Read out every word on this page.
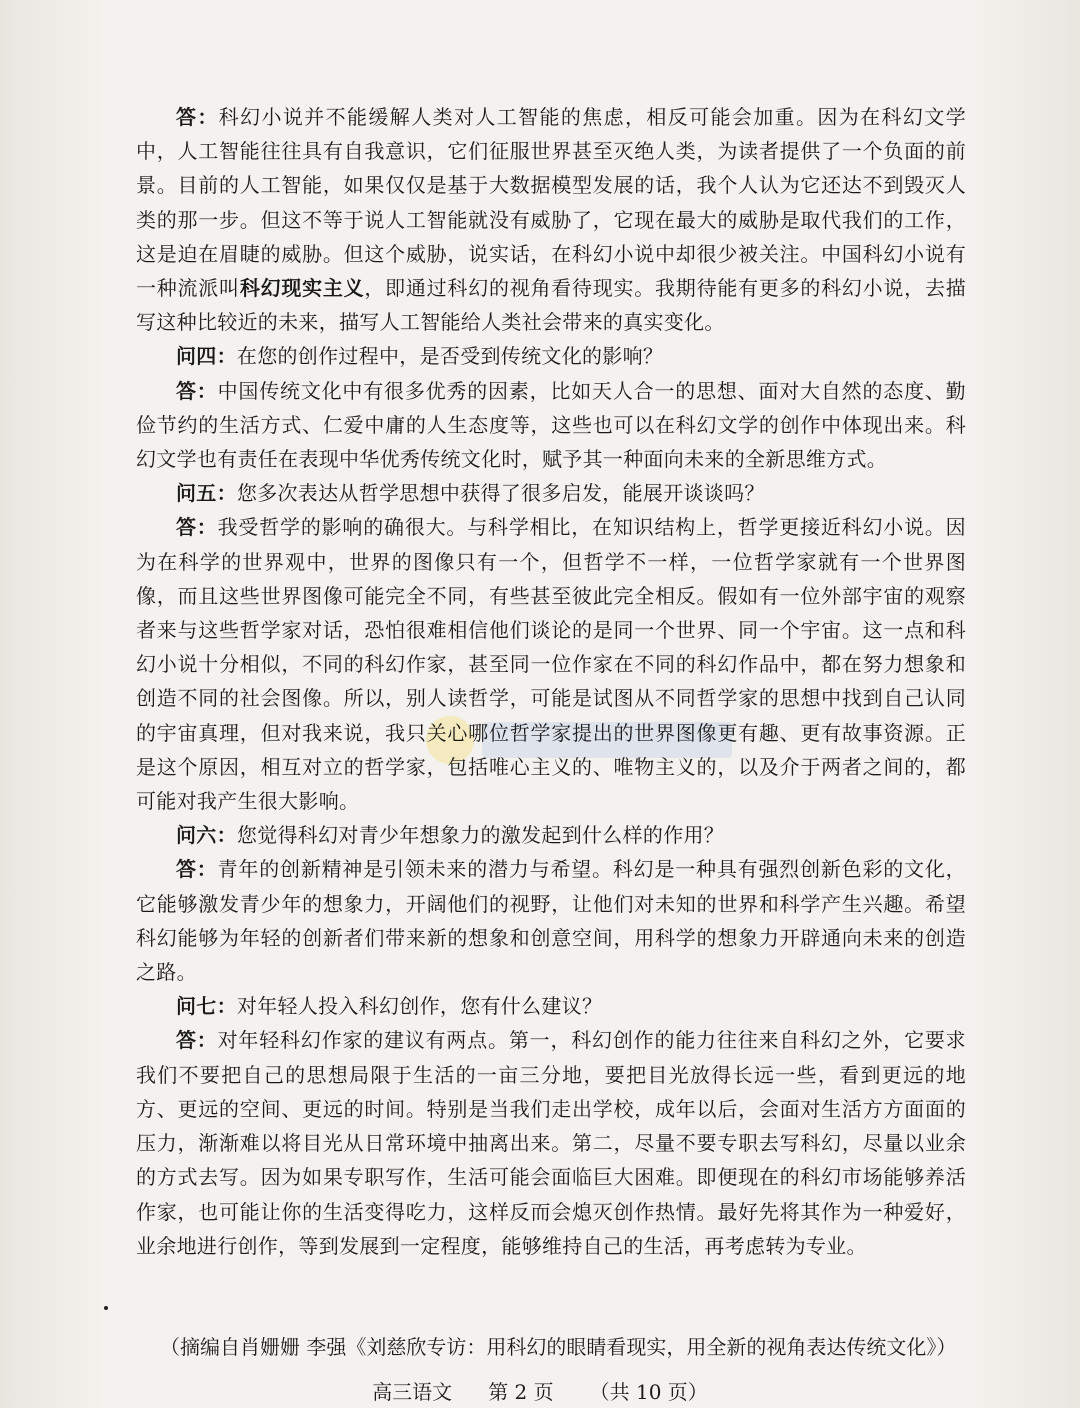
答：科幻小说并不能缓解人类对人工智能的焦虑，相反可能会加重。因为在科幻文学中，人工智能往往具有自我意识，它们征服世界甚至灭绝人类，为读者提供了一个负面的前景。目前的人工智能，如果仅仅是基于大数据模型发展的话，我个人认为它还达不到毁灭人类的那一步。但这不等于说人工智能就没有威胁了，它现在最大的威胁是取代我们的工作，这是迫在眉睫的威胁。但这个威胁，说实话，在科幻小说中却很少被关注。中国科幻小说有一种流派叫科幻现实主义，即通过科幻的视角看待现实。我期待能有更多的科幻小说，去描写这种比较近的未来，描写人工智能给人类社会带来的真实变化。

问四：在您的创作过程中，是否受到传统文化的影响？

答：中国传统文化中有很多优秀的因素，比如天人合一的思想、面对大自然的态度、勤俭节约的生活方式、仁爱中庸的人生态度等，这些也可以在科幻文学的创作中体现出来。科幻文学也有责任在表现中华优秀传统文化时，赋予其一种面向未来的全新思维方式。

问五：您多次表达从哲学思想中获得了很多启发，能展开谈谈吗？

答：我受哲学的影响的确很大。与科学相比，在知识结构上，哲学更接近科幻小说。因为在科学的世界观中，世界的图像只有一个，但哲学不一样，一位哲学家就有一个世界图像，而且这些世界图像可能完全不同，有些甚至彼此完全相反。假如有一位外部宇宙的观察者来与这些哲学家对话，恐怕很难相信他们谈论的是同一个世界、同一个宇宙。这一点和科幻小说十分相似，不同的科幻作家，甚至同一位作家在不同的科幻作品中，都在努力想象和创造不同的社会图像。所以，别人读哲学，可能是试图从不同哲学家的思想中找到自己认同的宇宙真理，但对我来说，我只关心哪位哲学家提出的世界图像更有趣、更有故事资源。正是这个原因，相互对立的哲学家，包括唯心主义的、唯物主义的，以及介于两者之间的，都可能对我产生很大影响。

问六：您觉得科幻对青少年想象力的激发起到什么样的作用？

答：青年的创新精神是引领未来的潜力与希望。科幻是一种具有强烈创新色彩的文化，它能够激发青少年的想象力，开阔他们的视野，让他们对未知的世界和科学产生兴趣。希望科幻能够为年轻的创新者们带来新的想象和创意空间，用科学的想象力开辟通向未来的创造之路。

问七：对年轻人投入科幻创作，您有什么建议？

答：对年轻科幻作家的建议有两点。第一，科幻创作的能力往往来自科幻之外，它要求我们不要把自己的思想局限于生活的一亩三分地，要把目光放得长远一些，看到更远的地方、更远的空间、更远的时间。特别是当我们走出学校，成年以后，会面对生活方方面面的压力，渐渐难以将目光从日常环境中抽离出来。第二，尽量不要专职去写科幻，尽量以业余的方式去写。因为如果专职写作，生活可能会面临巨大困难。即便现在的科幻市场能够养活作家，也可能让你的生活变得吃力，这样反而会熄灭创作热情。最好先将其作为一种爱好，业余地进行创作，等到发展到一定程度，能够维持自己的生活，再考虑转为专业。

（摘编自肖姗姗 李强《刘慈欣专访：用科幻的眼睛看现实，用全新的视角表达传统文化》）
高三语文 第 2 页 （共 10 页）
